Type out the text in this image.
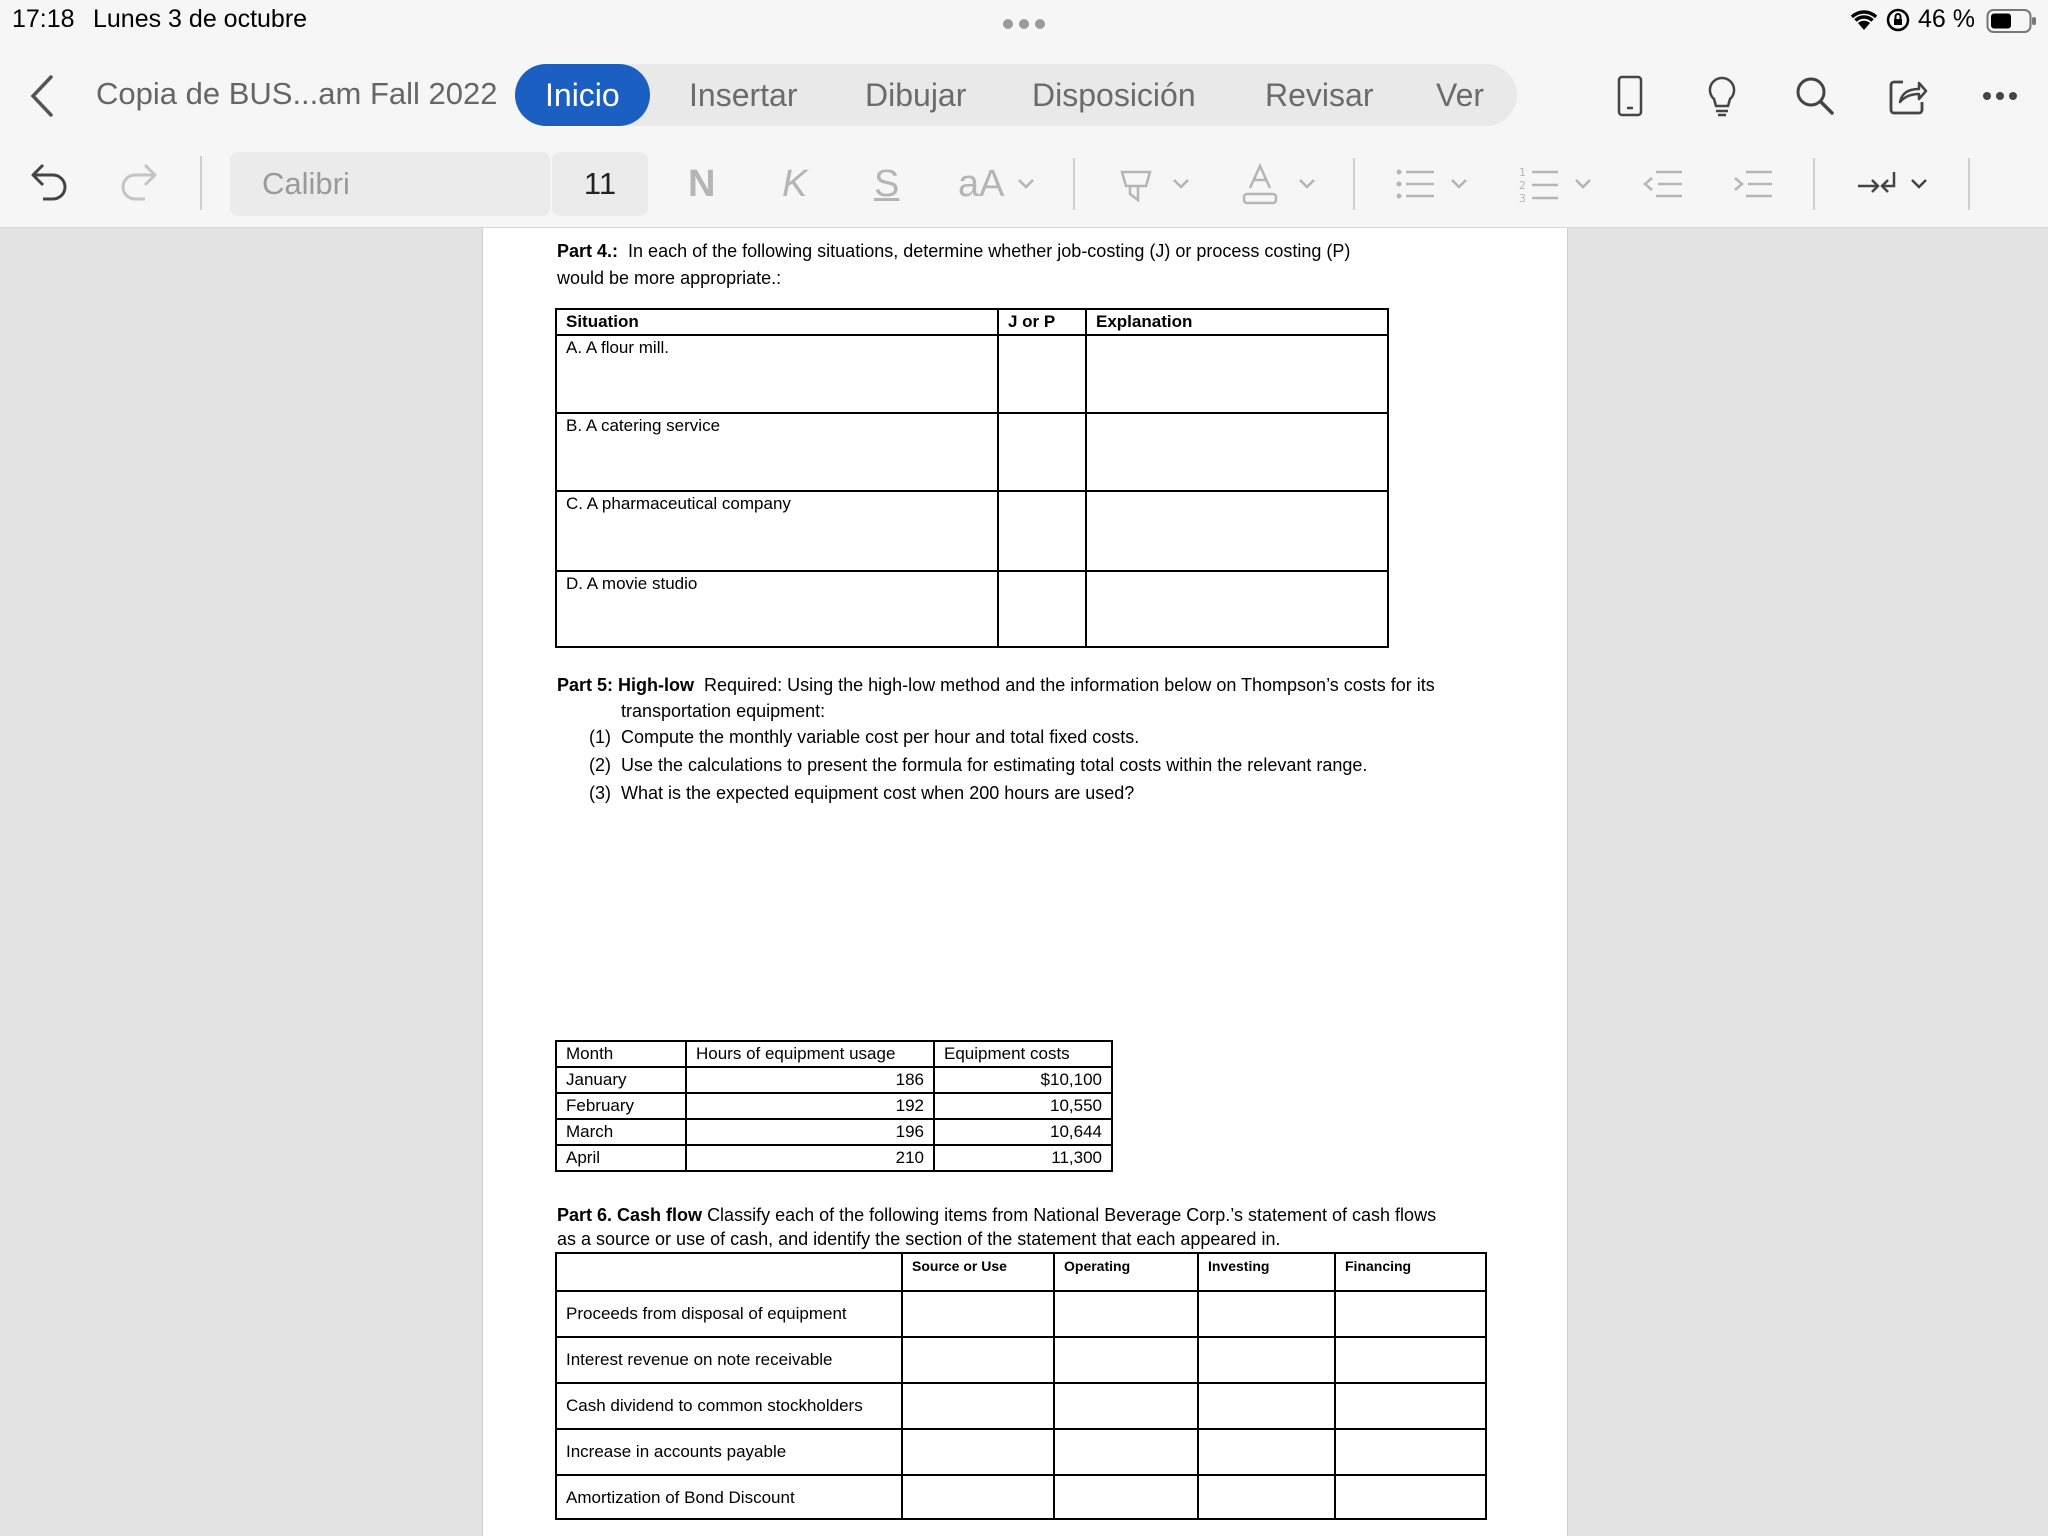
17:18 Lunes 3 de octubre	46 %
Copia de BUS...am Fall 2022	Inicio	Insertar	Dibujar	Disposición	Revisar	Ver
Calibri	11	N K S aA	1
2
3
Part 4.: In each of the following situations, determine whether job-costing (J) or process costing (P)
would be more appropriate.:
Situation	J or P	Explanation
A. A flour mill.		
B. A catering service		
C. A pharmaceutical company		
D. A movie studio		
Part 5: High-low Required: Using the high-low method and the information below on Thompson’s costs for its
transportation equipment:
(1) Compute the monthly variable cost per hour and total fixed costs.
(2) Use the calculations to present the formula for estimating total costs within the relevant range.
(3) What is the expected equipment cost when 200 hours are used?
Month	Hours of equipment usage	Equipment costs
January	186	$10,100
February	192	10,550
March	196	10,644
April	210	11,300
Part 6. Cash flow Classify each of the following items from National Beverage Corp.’s statement of cash flows
as a source or use of cash, and identify the section of the statement that each appeared in.
	Source or Use	Operating	Investing	Financing
Proceeds from disposal of equipment				
Interest revenue on note receivable				
Cash dividend to common stockholders				
Increase in accounts payable				
Amortization of Bond Discount				
